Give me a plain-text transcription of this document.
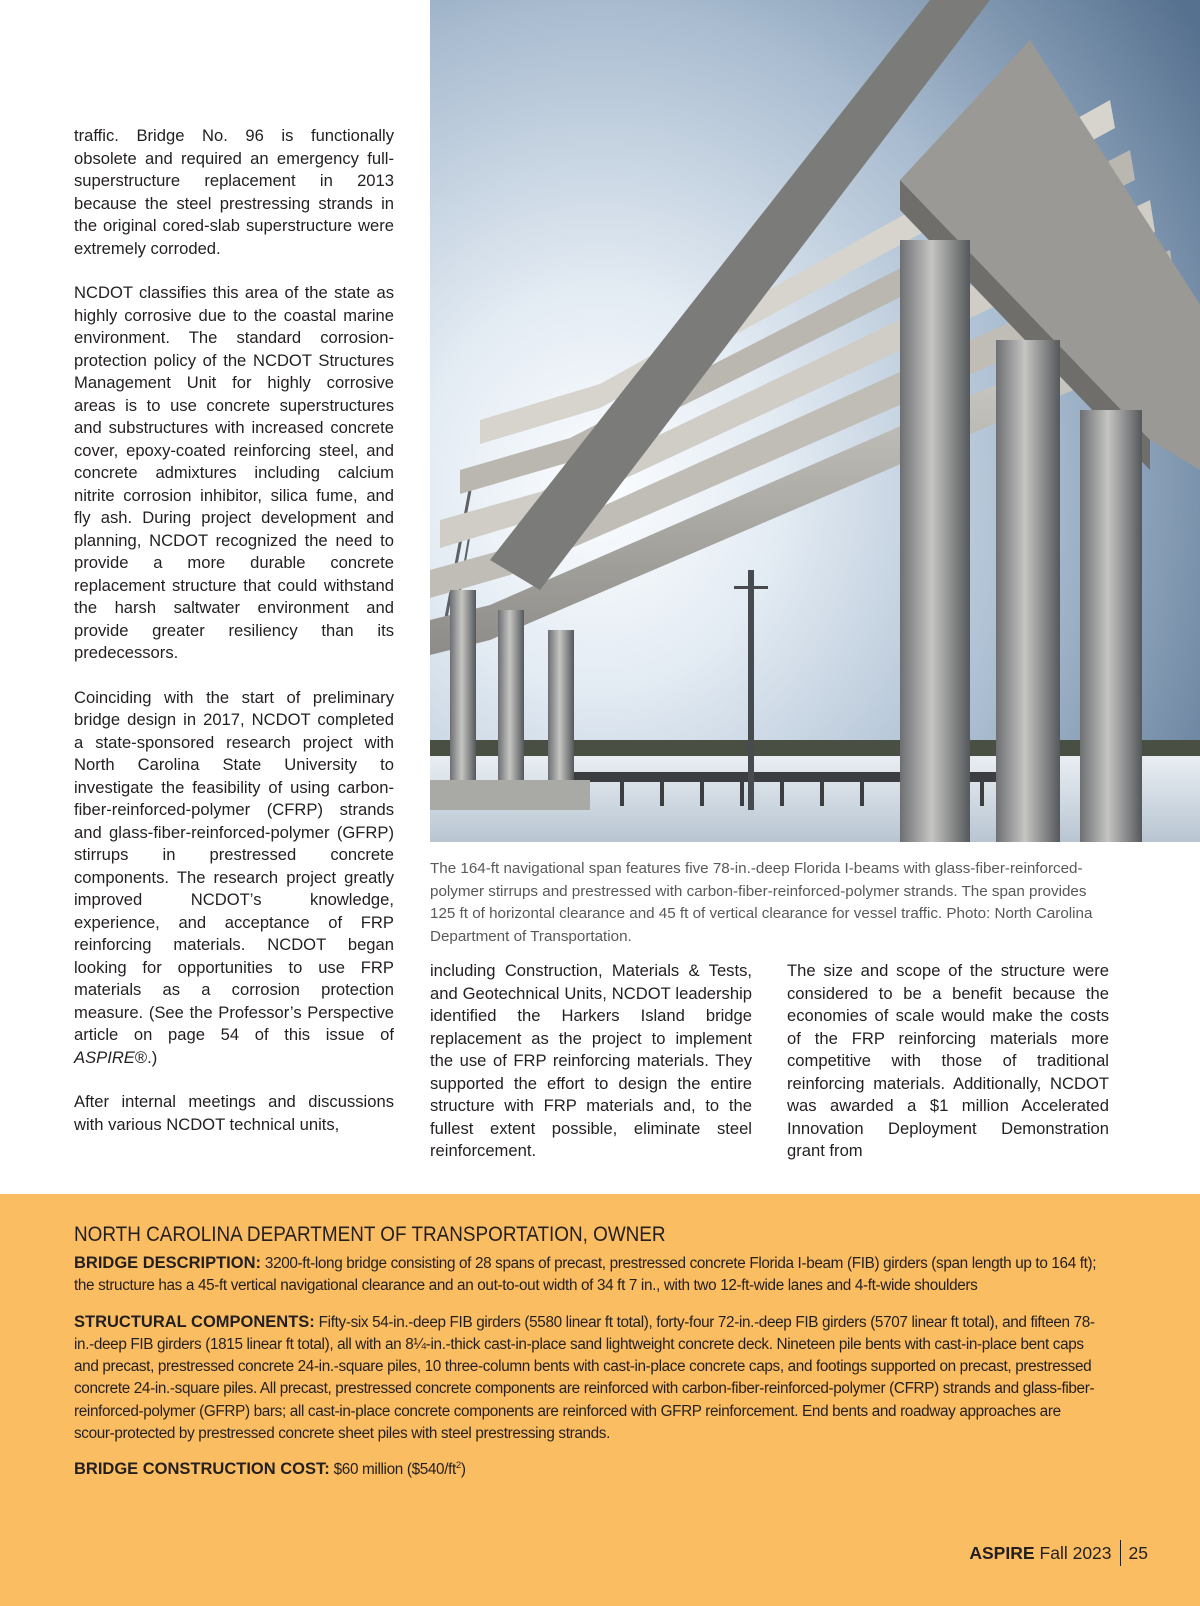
traffic. Bridge No. 96 is functionally obsolete and required an emergency full-superstructure replacement in 2013 because the steel prestressing strands in the original cored-slab superstructure were extremely corroded.

NCDOT classifies this area of the state as highly corrosive due to the coastal marine environment. The standard corrosion-protection policy of the NCDOT Structures Management Unit for highly corrosive areas is to use concrete superstructures and substructures with increased concrete cover, epoxy-coated reinforcing steel, and concrete admixtures including calcium nitrite corrosion inhibitor, silica fume, and fly ash. During project development and planning, NCDOT recognized the need to provide a more durable concrete replacement structure that could withstand the harsh saltwater environment and provide greater resiliency than its predecessors.

Coinciding with the start of preliminary bridge design in 2017, NCDOT completed a state-sponsored research project with North Carolina State University to investigate the feasibility of using carbon-fiber-reinforced-polymer (CFRP) strands and glass-fiber-reinforced-polymer (GFRP) stirrups in prestressed concrete components. The research project greatly improved NCDOT’s knowledge, experience, and acceptance of FRP reinforcing materials. NCDOT began looking for opportunities to use FRP materials as a corrosion protection measure. (See the Professor’s Perspective article on page 54 of this issue of ASPIRE®.)

After internal meetings and discussions with various NCDOT technical units,

The 164-ft navigational span features five 78-in.-deep Florida I-beams with glass-fiber-reinforced-polymer stirrups and prestressed with carbon-fiber-reinforced-polymer strands. The span provides 125 ft of horizontal clearance and 45 ft of vertical clearance for vessel traffic. Photo: North Carolina Department of Transportation.

including Construction, Materials & Tests, and Geotechnical Units, NCDOT leadership identified the Harkers Island bridge replacement as the project to implement the use of FRP reinforcing materials. They supported the effort to design the entire structure with FRP materials and, to the fullest extent possible, eliminate steel reinforcement.

The size and scope of the structure were considered to be a benefit because the economies of scale would make the costs of the FRP reinforcing materials more competitive with those of traditional reinforcing materials. Additionally, NCDOT was awarded a $1 million Accelerated Innovation Deployment Demonstration grant from

NORTH CAROLINA DEPARTMENT OF TRANSPORTATION, OWNER

BRIDGE DESCRIPTION: 3200-ft-long bridge consisting of 28 spans of precast, prestressed concrete Florida I-beam (FIB) girders (span length up to 164 ft); the structure has a 45-ft vertical navigational clearance and an out-to-out width of 34 ft 7 in., with two 12-ft-wide lanes and 4-ft-wide shoulders

STRUCTURAL COMPONENTS: Fifty-six 54-in.-deep FIB girders (5580 linear ft total), forty-four 72-in.-deep FIB girders (5707 linear ft total), and fifteen 78-in.-deep FIB girders (1815 linear ft total), all with an 8¼-in.-thick cast-in-place sand lightweight concrete deck. Nineteen pile bents with cast-in-place bent caps and precast, prestressed concrete 24-in.-square piles, 10 three-column bents with cast-in-place concrete caps, and footings supported on precast, prestressed concrete 24-in.-square piles. All precast, prestressed concrete components are reinforced with carbon-fiber-reinforced-polymer (CFRP) strands and glass-fiber-reinforced-polymer (GFRP) bars; all cast-in-place concrete components are reinforced with GFRP reinforcement. End bents and roadway approaches are scour-protected by prestressed concrete sheet piles with steel prestressing strands.

BRIDGE CONSTRUCTION COST: $60 million $(\$540/ft^2)$

ASPIRE Fall 2023 25
